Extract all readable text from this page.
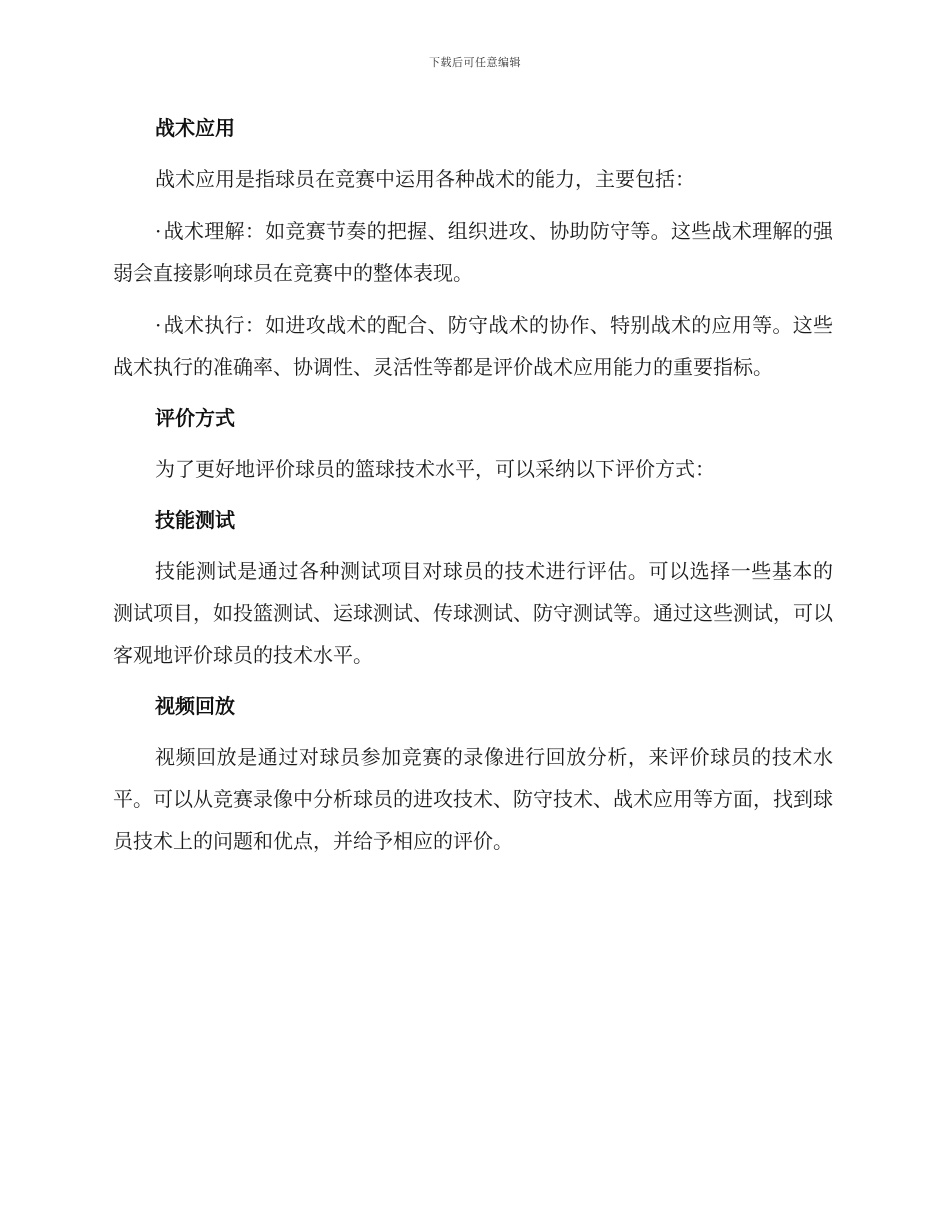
下载后可任意编辑
战术应用

战术应用是指球员在竞赛中运用各种战术的能力，主要包括：

· 战术理解：如竞赛节奏的把握、组织进攻、协助防守等。这些战术理解的强弱会直接影响球员在竞赛中的整体表现。

· 战术执行：如进攻战术的配合、防守战术的协作、特别战术的应用等。这些战术执行的准确率、协调性、灵活性等都是评价战术应用能力的重要指标。

评价方式

为了更好地评价球员的篮球技术水平，可以采纳以下评价方式：

技能测试

技能测试是通过各种测试项目对球员的技术进行评估。可以选择一些基本的测试项目，如投篮测试、运球测试、传球测试、防守测试等。通过这些测试，可以客观地评价球员的技术水平。

视频回放

视频回放是通过对球员参加竞赛的录像进行回放分析，来评价球员的技术水平。可以从竞赛录像中分析球员的进攻技术、防守技术、战术应用等方面，找到球员技术上的问题和优点，并给予相应的评价。
